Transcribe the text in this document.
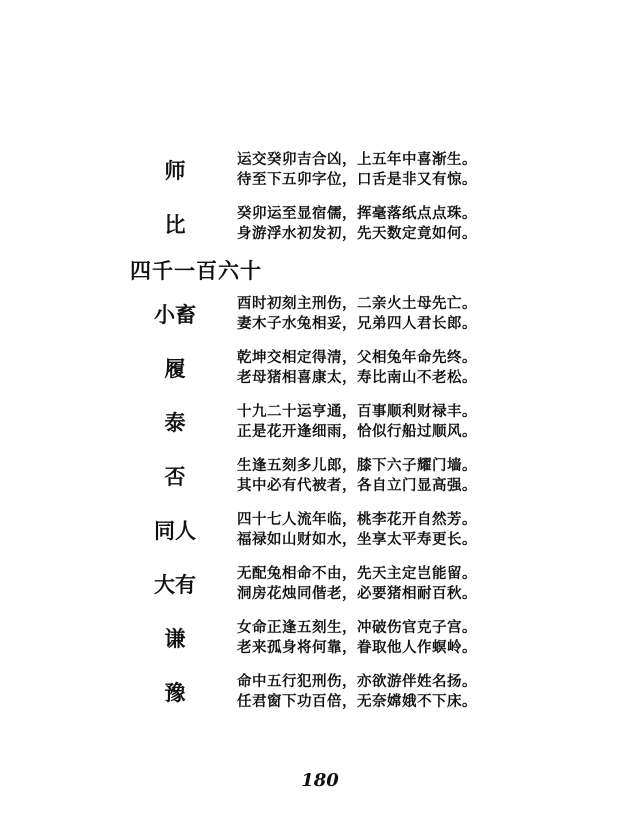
师	运交癸卯吉合凶，上五年中喜渐生。
待至下五卯字位，口舌是非又有惊。
比	癸卯运至显宿儒，挥毫落纸点点珠。
身游浮水初发初，先天数定竟如何。
四千一百六十
小畜	酉时初刻主刑伤，二亲火土母先亡。
妻木子水兔相妥，兄弟四人君长郎。
履	乾坤交相定得清，父相兔年命先终。
老母猪相喜康太，寿比南山不老松。
泰	十九二十运亨通，百事顺利财禄丰。
正是花开逢细雨，恰似行船过顺风。
否	生逢五刻多儿郎，膝下六子耀门墙。
其中必有代被者，各自立门显高强。
同人	四十七人流年临，桃李花开自然芳。
福禄如山财如水，坐享太平寿更长。
大有	无配兔相命不由，先天主定岂能留。
洞房花烛同偕老，必要猪相耐百秋。
谦	女命正逢五刻生，冲破伤官克子宫。
老来孤身将何靠，眷取他人作螟岭。
豫	命中五行犯刑伤，亦欲游伴姓名扬。
任君窗下功百倍，无奈嫦娥不下床。
180
